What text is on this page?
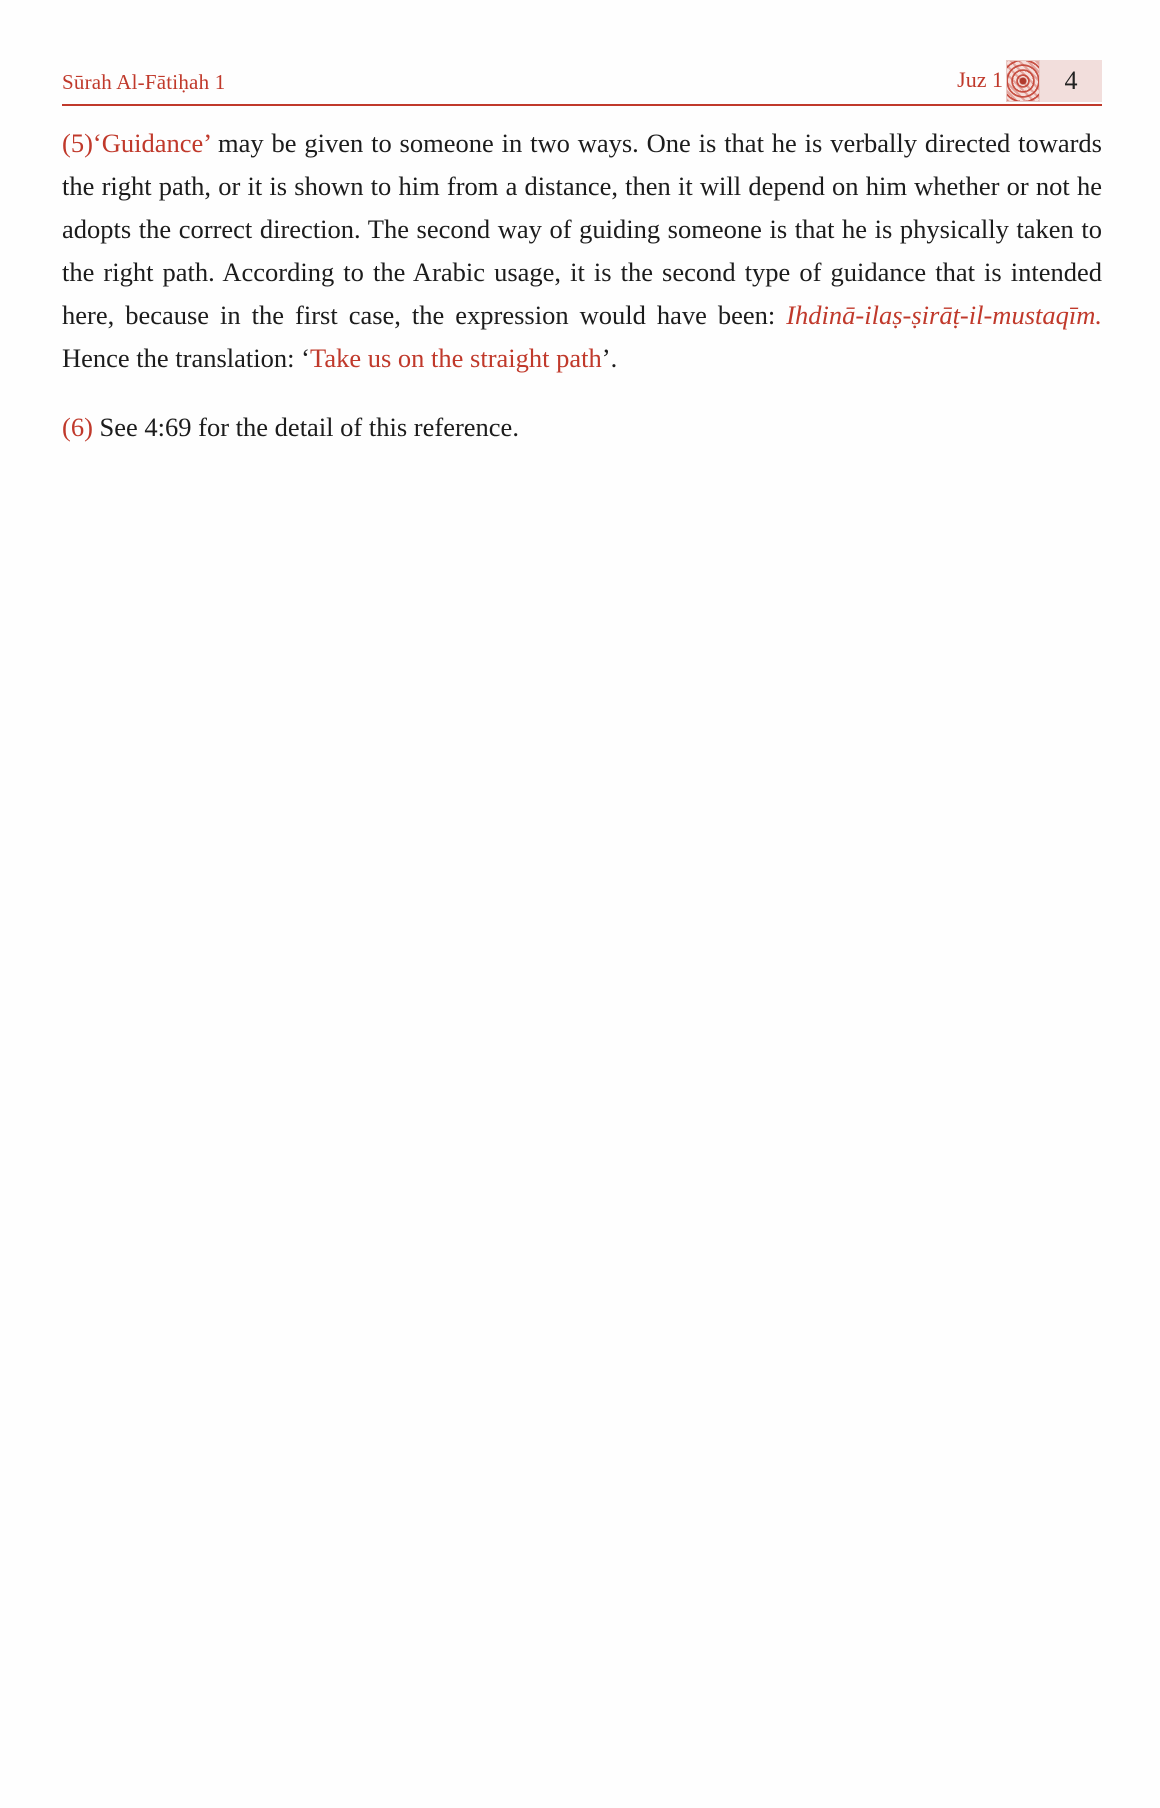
Sūrah Al-Fātiḥah 1	Juz 1	4

(5)‘Guidance’ may be given to someone in two ways. One is that he is verbally directed towards the right path, or it is shown to him from a distance, then it will depend on him whether or not he adopts the correct direction. The second way of guiding someone is that he is physically taken to the right path. According to the Arabic usage, it is the second type of guidance that is intended here, because in the first case, the expression would have been: Ihdinā-ilaṣ-ṣirāṭ-il-mustaqīm. Hence the translation: ‘Take us on the straight path’.

(6) See 4:69 for the detail of this reference.
